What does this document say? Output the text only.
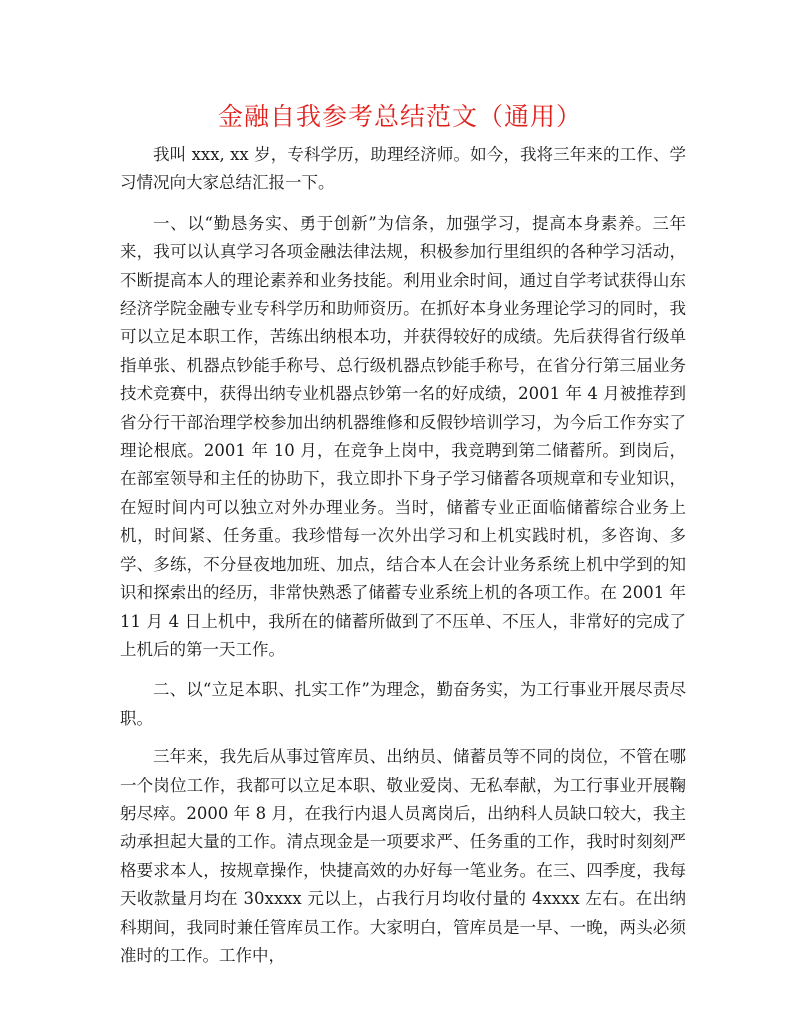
金融自我参考总结范文（通用）

我叫 xxx, xx 岁，专科学历，助理经济师。如今，我将三年来的工作、学习情况向大家总结汇报一下。

一、以“勤恳务实、勇于创新”为信条，加强学习，提高本身素养。三年来，我可以认真学习各项金融法律法规，积极参加行里组织的各种学习活动，不断提高本人的理论素养和业务技能。利用业余时间，通过自学考试获得山东经济学院金融专业专科学历和助师资历。在抓好本身业务理论学习的同时，我可以立足本职工作，苦练出纳根本功，并获得较好的成绩。先后获得省行级单指单张、机器点钞能手称号、总行级机器点钞能手称号，在省分行第三届业务技术竞赛中，获得出纳专业机器点钞第一名的好成绩，2001 年 4 月被推荐到省分行干部治理学校参加出纳机器维修和反假钞培训学习，为今后工作夯实了理论根底。2001 年 10 月，在竞争上岗中，我竞聘到第二储蓄所。到岗后，在部室领导和主任的协助下，我立即扑下身子学习储蓄各项规章和专业知识，在短时间内可以独立对外办理业务。当时，储蓄专业正面临储蓄综合业务上机，时间紧、任务重。我珍惜每一次外出学习和上机实践时机，多咨询、多学、多练，不分昼夜地加班、加点，结合本人在会计业务系统上机中学到的知识和探索出的经历，非常快熟悉了储蓄专业系统上机的各项工作。在 2001 年 11 月 4 日上机中，我所在的储蓄所做到了不压单、不压人，非常好的完成了上机后的第一天工作。

二、以“立足本职、扎实工作”为理念，勤奋务实，为工行事业开展尽责尽职。

三年来，我先后从事过管库员、出纳员、储蓄员等不同的岗位，不管在哪一个岗位工作，我都可以立足本职、敬业爱岗、无私奉献，为工行事业开展鞠躬尽瘁。2000 年 8 月，在我行内退人员离岗后，出纳科人员缺口较大，我主动承担起大量的工作。清点现金是一项要求严、任务重的工作，我时时刻刻严格要求本人，按规章操作，快捷高效的办好每一笔业务。在三、四季度，我每天收款量月均在 30xxxx 元以上，占我行月均收付量的 4xxxx 左右。在出纳科期间，我同时兼任管库员工作。大家明白，管库员是一早、一晚，两头必须准时的工作。工作中，
